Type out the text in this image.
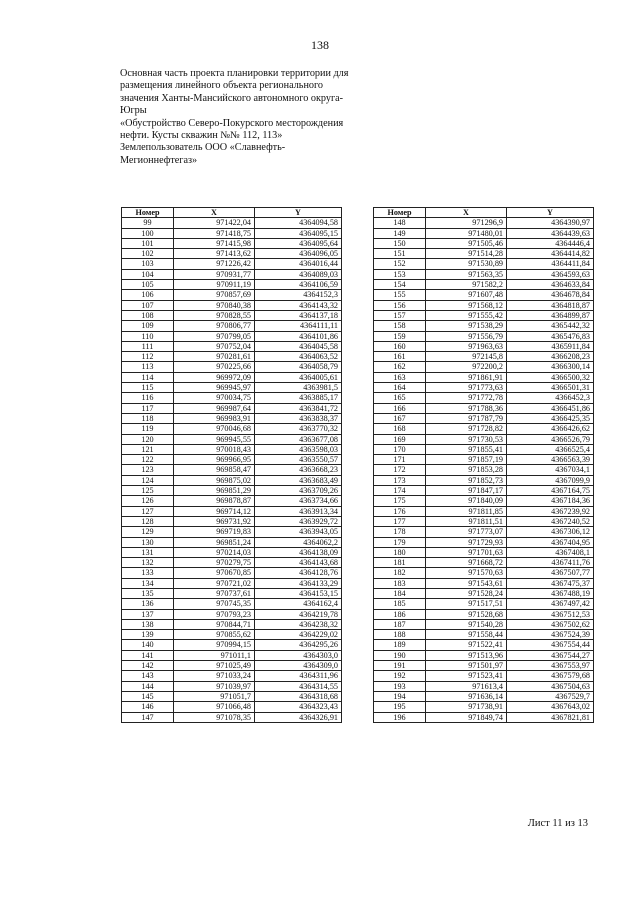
138
Основная часть проекта планировки территории для
размещения линейного объекта регионального
значения Ханты-Мансийского автономного округа-
Югры
«Обустройство Северо-Покурского месторождения
нефти. Кусты скважин №№ 112, 113»
Землепользователь ООО «Славнефть-
Мегионнефтегаз»
Номер	X	Y
99	971422,04	4364094,58
100	971418,75	4364095,15
101	971415,98	4364095,64
102	971413,62	4364096,05
103	971226,42	4364016,44
104	970931,77	4364089,03
105	970911,19	4364106,59
106	970857,69	4364152,3
107	970840,38	4364143,32
108	970828,55	4364137,18
109	970806,77	4364111,11
110	970799,05	4364101,86
111	970752,04	4364045,58
112	970281,61	4364063,52
113	970225,66	4364058,79
114	969972,09	4364005,61
115	969945,97	4363981,5
116	970034,75	4363885,17
117	969987,64	4363841,72
118	969983,91	4363838,37
119	970046,68	4363770,32
120	969945,55	4363677,08
121	970018,43	4363598,03
122	969966,95	4363550,57
123	969858,47	4363668,23
124	969875,02	4363683,49
125	969851,29	4363709,26
126	969878,87	4363734,66
127	969714,12	4363913,34
128	969731,92	4363929,72
129	969719,83	4363943,05
130	969851,24	4364062,2
131	970214,03	4364138,09
132	970279,75	4364143,68
133	970670,85	4364128,76
134	970721,02	4364133,29
135	970737,61	4364153,15
136	970745,35	4364162,4
137	970793,23	4364219,78
138	970844,71	4364238,32
139	970855,62	4364229,02
140	970994,15	4364295,26
141	971011,1	4364303,0
142	971025,49	4364309,0
143	971033,24	4364311,96
144	971039,97	4364314,55
145	971051,7	4364318,68
146	971066,48	4364323,43
147	971078,35	4364326,91
Номер	X	Y
148	971296,9	4364390,97
149	971480,01	4364439,63
150	971505,46	4364446,4
151	971514,28	4364414,82
152	971530,89	4364411,84
153	971563,35	4364593,63
154	971582,2	4364633,84
155	971607,48	4364678,84
156	971568,12	4364818,87
157	971555,42	4364899,87
158	971538,29	4365442,32
159	971556,79	4365476,83
160	971963,63	4365911,84
161	972145,8	4366208,23
162	972200,2	4366300,14
163	971861,91	4366500,32
164	971773,63	4366501,31
165	971772,78	4366452,3
166	971788,36	4366451,86
167	971787,79	4366425,35
168	971728,82	4366426,62
169	971730,53	4366526,79
170	971855,41	4366525,4
171	971857,19	4366563,39
172	971853,28	4367034,1
173	971852,73	4367099,9
174	971847,17	4367164,75
175	971840,09	4367184,36
176	971811,85	4367239,92
177	971811,51	4367240,52
178	971773,07	4367306,12
179	971729,93	4367404,95
180	971701,63	4367408,1
181	971668,72	4367411,76
182	971570,63	4367507,77
183	971543,61	4367475,37
184	971528,24	4367488,19
185	971517,51	4367497,42
186	971528,68	4367512,53
187	971540,28	4367502,62
188	971558,44	4367524,39
189	971522,41	4367554,44
190	971513,96	4367544,27
191	971501,97	4367553,97
192	971523,41	4367579,68
193	971613,4	4367504,63
194	971636,14	4367529,7
195	971738,91	4367643,02
196	971849,74	4367821,81
Лист 11 из 13
